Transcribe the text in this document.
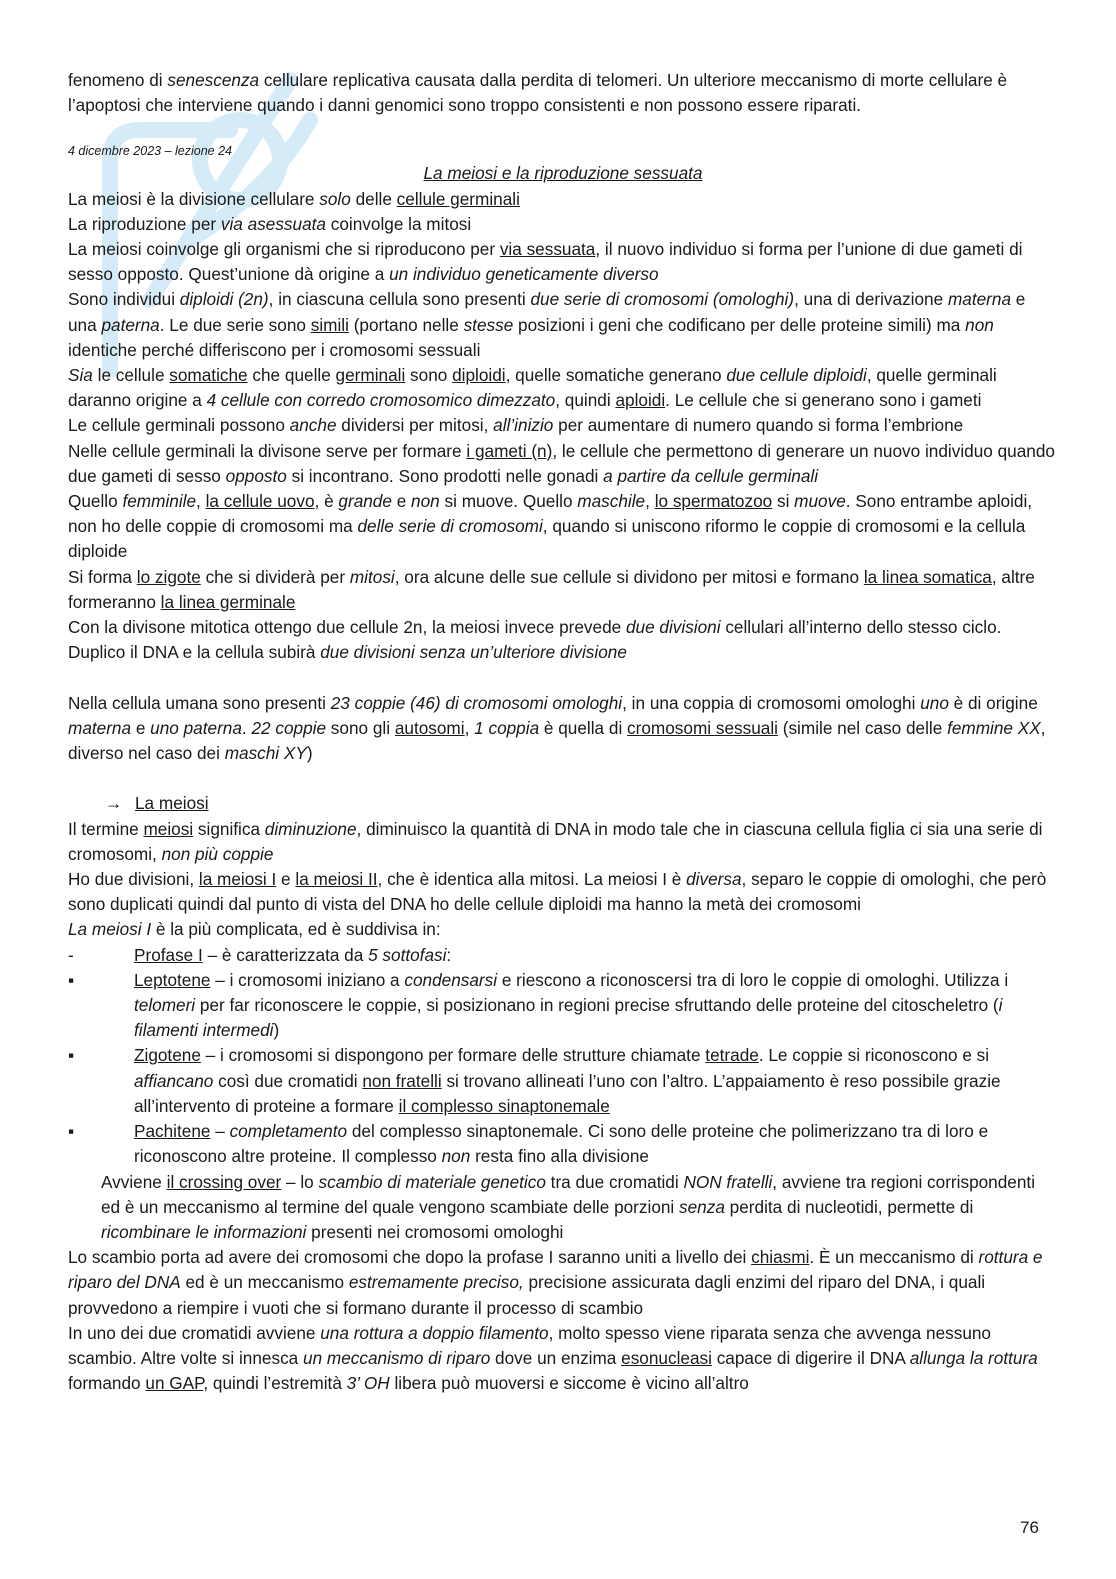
fenomeno di senescenza cellulare replicativa causata dalla perdita di telomeri. Un ulteriore meccanismo di morte cellulare è l’apoptosi che interviene quando i danni genomici sono troppo consistenti e non possono essere riparati.

4 dicembre 2023 – lezione 24

La meiosi e la riproduzione sessuata

La meiosi è la divisione cellulare solo delle cellule germinali

La riproduzione per via asessuata coinvolge la mitosi

La meiosi coinvolge gli organismi che si riproducono per via sessuata, il nuovo individuo si forma per l’unione di due gameti di sesso opposto. Quest’unione dà origine a un individuo geneticamente diverso

Sono individui diploidi (2n), in ciascuna cellula sono presenti due serie di cromosomi (omologhi), una di derivazione materna e una paterna. Le due serie sono simili (portano nelle stesse posizioni i geni che codificano per delle proteine simili) ma non identiche perché differiscono per i cromosomi sessuali

Sia le cellule somatiche che quelle germinali sono diploidi, quelle somatiche generano due cellule diploidi, quelle germinali daranno origine a 4 cellule con corredo cromosomico dimezzato, quindi aploidi. Le cellule che si generano sono i gameti

Le cellule germinali possono anche dividersi per mitosi, all’inizio per aumentare di numero quando si forma l’embrione

Nelle cellule germinali la divisone serve per formare i gameti (n), le cellule che permettono di generare un nuovo individuo quando due gameti di sesso opposto si incontrano. Sono prodotti nelle gonadi a partire da cellule germinali

Quello femminile, la cellule uovo, è grande e non si muove. Quello maschile, lo spermatozoo si muove. Sono entrambe aploidi, non ho delle coppie di cromosomi ma delle serie di cromosomi, quando si uniscono riformo le coppie di cromosomi e la cellula diploide

Si forma lo zigote che si dividerà per mitosi, ora alcune delle sue cellule si dividono per mitosi e formano la linea somatica, altre formeranno la linea germinale

Con la divisone mitotica ottengo due cellule 2n, la meiosi invece prevede due divisioni cellulari all’interno dello stesso ciclo. Duplico il DNA e la cellula subirà due divisioni senza un’ulteriore divisione

Nella cellula umana sono presenti 23 coppie (46) di cromosomi omologhi, in una coppia di cromosomi omologhi uno è di origine materna e uno paterna. 22 coppie sono gli autosomi, 1 coppia è quella di cromosomi sessuali (simile nel caso delle femmine XX, diverso nel caso dei maschi XY)

→ La meiosi

Il termine meiosi significa diminuzione, diminuisco la quantità di DNA in modo tale che in ciascuna cellula figlia ci sia una serie di cromosomi, non più coppie

Ho due divisioni, la meiosi I e la meiosi II, che è identica alla mitosi. La meiosi I è diversa, separo le coppie di omologhi, che però sono duplicati quindi dal punto di vista del DNA ho delle cellule diploidi ma hanno la metà dei cromosomi

La meiosi I è la più complicata, ed è suddivisa in:

-	Profase I – è caratterizzata da 5 sottofasi:

▪	Leptotene – i cromosomi iniziano a condensarsi e riescono a riconoscersi tra di loro le coppie di omologhi. Utilizza i telomeri per far riconoscere le coppie, si posizionano in regioni precise sfruttando delle proteine del citoscheletro (i filamenti intermedi)

▪	Zigotene – i cromosomi si dispongono per formare delle strutture chiamate tetrade. Le coppie si riconoscono e si affiancano così due cromatidi non fratelli si trovano allineati l’uno con l’altro. L’appaiamento è reso possibile grazie all’intervento di proteine a formare il complesso sinaptonemale

▪	Pachitene – completamento del complesso sinaptonemale. Ci sono delle proteine che polimerizzano tra di loro e riconoscono altre proteine. Il complesso non resta fino alla divisione

Avviene il crossing over – lo scambio di materiale genetico tra due cromatidi NON fratelli, avviene tra regioni corrispondenti ed è un meccanismo al termine del quale vengono scambiate delle porzioni senza perdita di nucleotidi, permette di ricombinare le informazioni presenti nei cromosomi omologhi

Lo scambio porta ad avere dei cromosomi che dopo la profase I saranno uniti a livello dei chiasmi. È un meccanismo di rottura e riparo del DNA ed è un meccanismo estremamente preciso, precisione assicurata dagli enzimi del riparo del DNA, i quali provvedono a riempire i vuoti che si formano durante il processo di scambio

In uno dei due cromatidi avviene una rottura a doppio filamento, molto spesso viene riparata senza che avvenga nessuno scambio. Altre volte si innesca un meccanismo di riparo dove un enzima esonucleasi capace di digerire il DNA allunga la rottura formando un GAP, quindi l’estremità 3’ OH libera può muoversi e siccome è vicino all’altro

76
